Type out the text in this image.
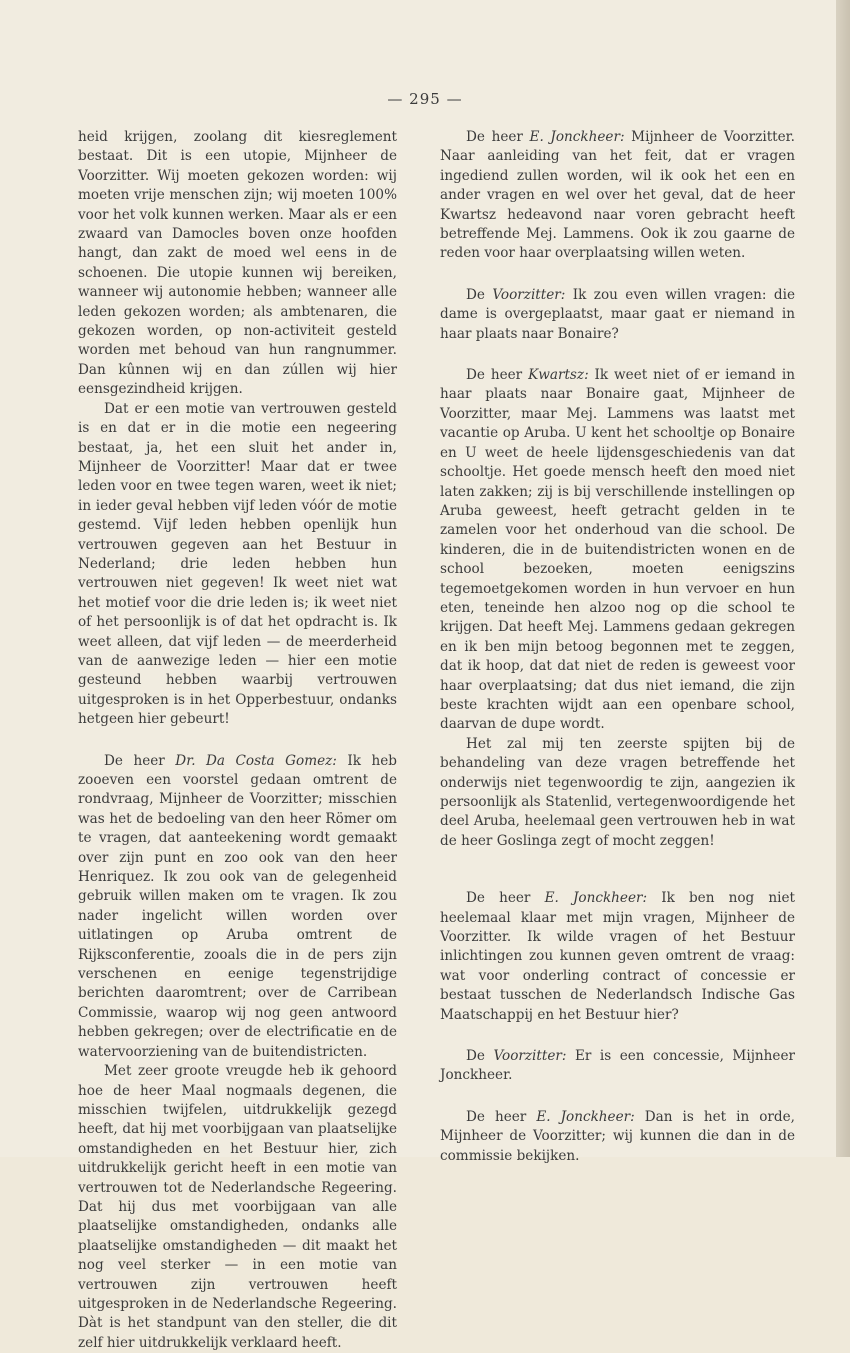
— 295 —

heid krijgen, zoolang dit kiesreglement bestaat. Dit is een utopie, Mijnheer de Voorzitter. Wij moeten gekozen worden: wij moeten vrije menschen zijn; wij moeten 100% voor het volk kunnen werken. Maar als er een zwaard van Damocles boven onze hoofden hangt, dan zakt de moed wel eens in de schoenen. Die utopie kunnen wij bereiken, wanneer wij autonomie hebben; wanneer alle leden gekozen worden; als ambtenaren, die gekozen worden, op non-activiteit gesteld worden met behoud van hun rangnummer. Dan kûnnen wij en dan zúllen wij hier eensgezindheid krijgen.

Dat er een motie van vertrouwen gesteld is en dat er in die motie een negeering bestaat, ja, het een sluit het ander in, Mijnheer de Voorzitter! Maar dat er twee leden voor en twee tegen waren, weet ik niet; in ieder geval hebben vijf leden vóór de motie gestemd. Vijf leden hebben openlijk hun vertrouwen gegeven aan het Bestuur in Nederland; drie leden hebben hun vertrouwen niet gegeven! Ik weet niet wat het motief voor die drie leden is; ik weet niet of het persoonlijk is of dat het opdracht is. Ik weet alleen, dat vijf leden — de meerderheid van de aanwezige leden — hier een motie gesteund hebben waarbij vertrouwen uitgesproken is in het Opperbestuur, ondanks hetgeen hier gebeurt!

De heer Dr. Da Costa Gomez: Ik heb zooeven een voorstel gedaan omtrent de rondvraag, Mijnheer de Voorzitter; misschien was het de bedoeling van den heer Römer om te vragen, dat aanteekening wordt gemaakt over zijn punt en zoo ook van den heer Henriquez. Ik zou ook van de gelegenheid gebruik willen maken om te vragen. Ik zou nader ingelicht willen worden over uitlatingen op Aruba omtrent de Rijksconferentie, zooals die in de pers zijn verschenen en eenige tegenstrijdige berichten daaromtrent; over de Carribean Commissie, waarop wij nog geen antwoord hebben gekregen; over de electrificatie en de watervoorziening van de buitendistricten.

Met zeer groote vreugde heb ik gehoord hoe de heer Maal nogmaals degenen, die misschien twijfelen, uitdrukkelijk gezegd heeft, dat hij met voorbijgaan van plaatselijke omstandigheden en het Bestuur hier, zich uitdrukkelijk gericht heeft in een motie van vertrouwen tot de Nederlandsche Regeering. Dat hij dus met voorbijgaan van alle plaatselijke omstandigheden, ondanks alle plaatselijke omstandigheden — dit maakt het nog veel sterker — in een motie van vertrouwen zijn vertrouwen heeft uitgesproken in de Nederlandsche Regeering. Dàt is het standpunt van den steller, die dit zelf hier uitdrukkelijk verklaard heeft.

De heer E. Jonckheer: Mijnheer de Voorzitter. Naar aanleiding van het feit, dat er vragen ingediend zullen worden, wil ik ook het een en ander vragen en wel over het geval, dat de heer Kwartsz hedeavond naar voren gebracht heeft betreffende Mej. Lammens. Ook ik zou gaarne de reden voor haar overplaatsing willen weten.

De Voorzitter: Ik zou even willen vragen: die dame is overgeplaatst, maar gaat er niemand in haar plaats naar Bonaire?

De heer Kwartsz: Ik weet niet of er iemand in haar plaats naar Bonaire gaat, Mijnheer de Voorzitter, maar Mej. Lammens was laatst met vacantie op Aruba. U kent het schooltje op Bonaire en U weet de heele lijdensgeschiedenis van dat schooltje. Het goede mensch heeft den moed niet laten zakken; zij is bij verschillende instellingen op Aruba geweest, heeft getracht gelden in te zamelen voor het onderhoud van die school. De kinderen, die in de buitendistricten wonen en de school bezoeken, moeten eenigszins tegemoetgekomen worden in hun vervoer en hun eten, teneinde hen alzoo nog op die school te krijgen. Dat heeft Mej. Lammens gedaan gekregen en ik ben mijn betoog begonnen met te zeggen, dat ik hoop, dat dat niet de reden is geweest voor haar overplaatsing; dat dus niet iemand, die zijn beste krachten wijdt aan een openbare school, daarvan de dupe wordt.

Het zal mij ten zeerste spijten bij de behandeling van deze vragen betreffende het onderwijs niet tegenwoordig te zijn, aangezien ik persoonlijk als Statenlid, vertegenwoordigende het deel Aruba, heelemaal geen vertrouwen heb in wat de heer Goslinga zegt of mocht zeggen!

De heer E. Jonckheer: Ik ben nog niet heelemaal klaar met mijn vragen, Mijnheer de Voorzitter. Ik wilde vragen of het Bestuur inlichtingen zou kunnen geven omtrent de vraag: wat voor onderling contract of concessie er bestaat tusschen de Nederlandsch Indische Gas Maatschappij en het Bestuur hier?

De Voorzitter: Er is een concessie, Mijnheer Jonckheer.

De heer E. Jonckheer: Dan is het in orde, Mijnheer de Voorzitter; wij kunnen die dan in de commissie bekijken.
